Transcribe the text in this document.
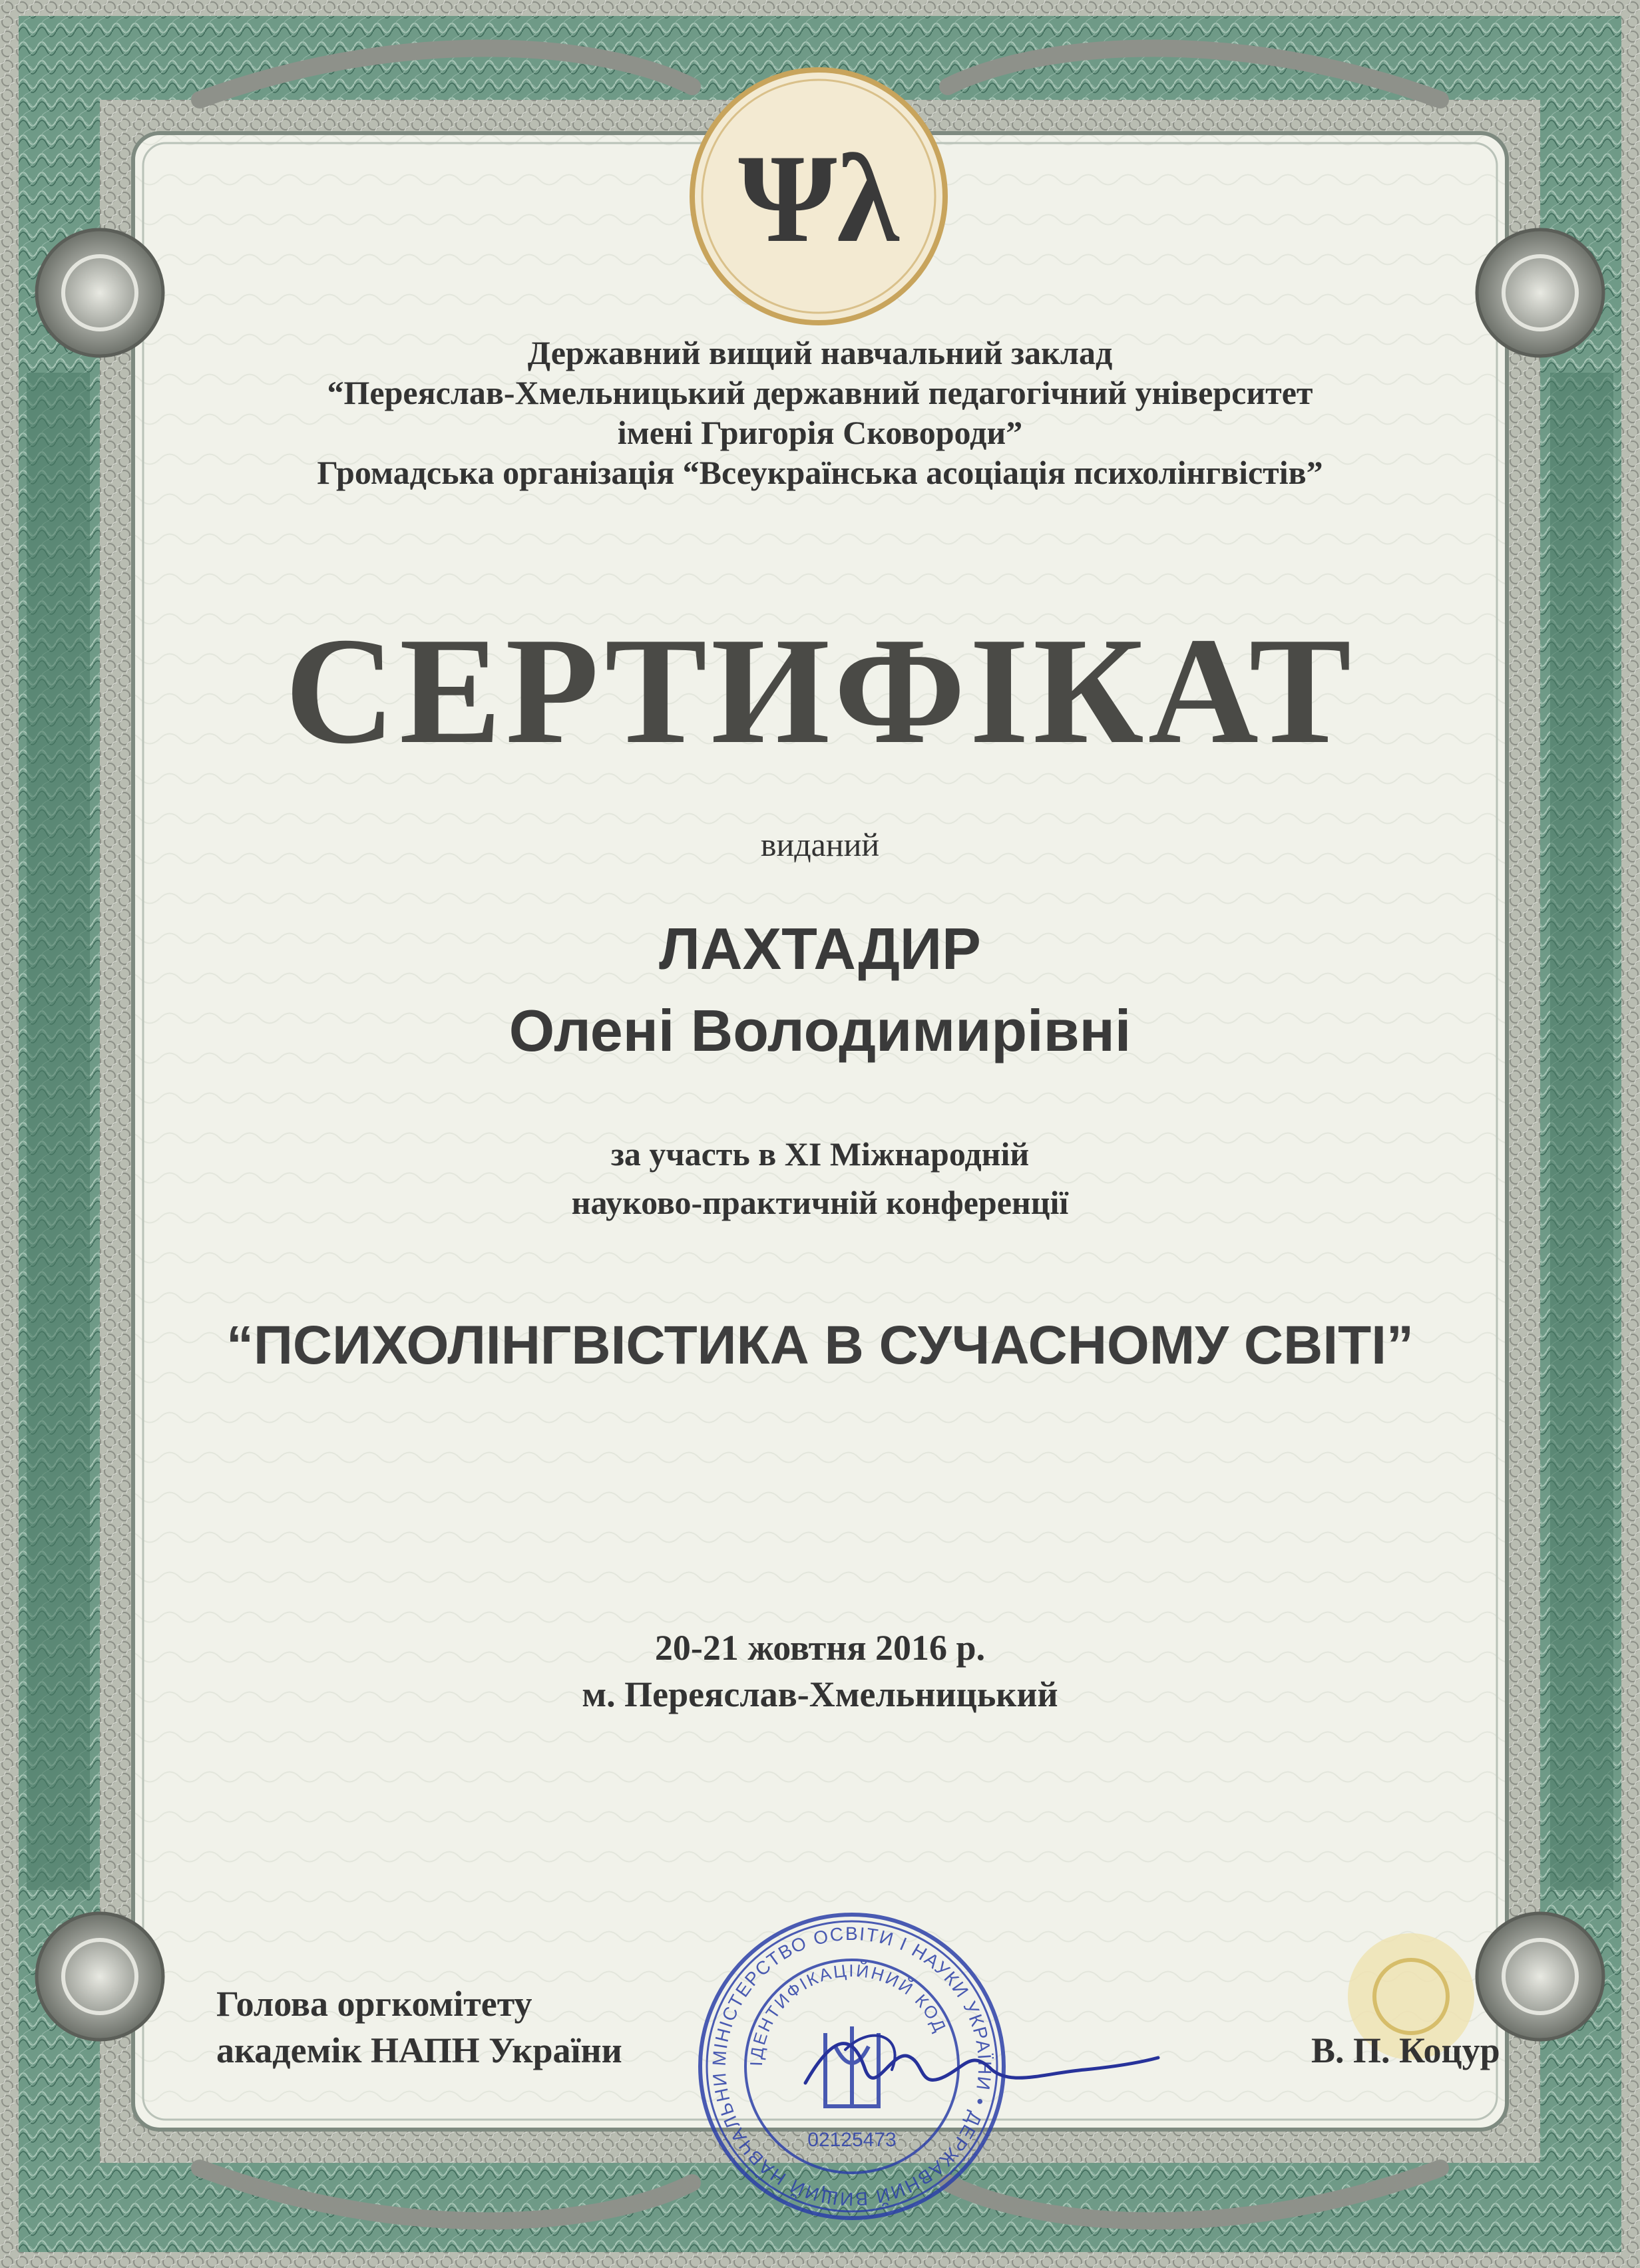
Ψλ
Державний вищий навчальний заклад
“Переяслав-Хмельницький державний педагогічний університет
імені Григорія Сковороди”
Громадська організація “Всеукраїнська асоціація психолінгвістів”
СЕРТИФІКАТ
виданий
ЛАХТАДИР
Олені Володимирівні
за участь в XI Міжнародній
науково-практичній конференції
“ПСИХОЛІНГВІСТИКА В СУЧАСНОМУ СВІТІ”
20-21 жовтня 2016 р.
м. Переяслав-Хмельницький
Голова оргкомітету
академік НАПН України	В. П. Коцур
МІНІСТЕРСТВО ОСВІТИ І НАУКИ УКРАЇНИ • ДЕРЖАВНИЙ ВИЩИЙ НАВЧАЛЬНИ
ІДЕНТИФІКАЦІЙНИЙ КОД
02125473
